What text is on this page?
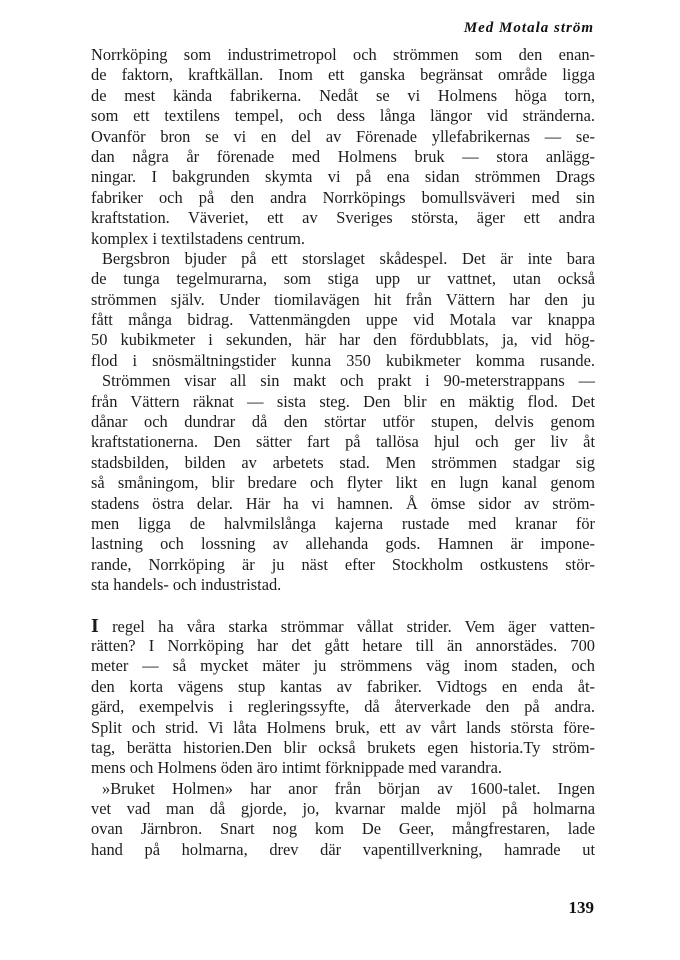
Med Motala ström
Norrköping som industrimetropol och strömmen som den enan-
de faktorn, kraftkällan. Inom ett ganska begränsat område ligga
de mest kända fabrikerna. Nedåt se vi Holmens höga torn,
som ett textilens tempel, och dess långa längor vid stränderna.
Ovanför bron se vi en del av Förenade yllefabrikernas — se-
dan några år förenade med Holmens bruk — stora anlägg-
ningar. I bakgrunden skymta vi på ena sidan strömmen Drags
fabriker och på den andra Norrköpings bomullsväveri med sin
kraftstation. Väveriet, ett av Sveriges största, äger ett andra
komplex i textilstadens centrum.
Bergsbron bjuder på ett storslaget skådespel. Det är inte bara
de tunga tegelmurarna, som stiga upp ur vattnet, utan också
strömmen själv. Under tiomilavägen hit från Vättern har den ju
fått många bidrag. Vattenmängden uppe vid Motala var knappa
50 kubikmeter i sekunden, här har den fördubblats, ja, vid hög-
flod i snösmältningstider kunna 350 kubikmeter komma rusande.
Strömmen visar all sin makt och prakt i 90-meterstrappans —
från Vättern räknat — sista steg. Den blir en mäktig flod. Det
dånar och dundrar då den störtar utför stupen, delvis genom
kraftstationerna. Den sätter fart på tallösa hjul och ger liv åt
stadsbilden, bilden av arbetets stad. Men strömmen stadgar sig
så småningom, blir bredare och flyter likt en lugn kanal genom
stadens östra delar. Här ha vi hamnen. Å ömse sidor av ström-
men ligga de halvmilslånga kajerna rustade med kranar för
lastning och lossning av allehanda gods. Hamnen är impone-
rande, Norrköping är ju näst efter Stockholm ostkustens stör-
sta handels- och industristad.
I regel ha våra starka strömmar vållat strider. Vem äger vatten-
rätten? I Norrköping har det gått hetare till än annorstädes. 700
meter — så mycket mäter ju strömmens väg inom staden, och
den korta vägens stup kantas av fabriker. Vidtogs en enda åt-
gärd, exempelvis i regleringssyfte, då återverkade den på andra.
Split och strid. Vi låta Holmens bruk, ett av vårt lands största före-
tag, berätta historien.Den blir också brukets egen historia.Ty ström-
mens och Holmens öden äro intimt förknippade med varandra.
»Bruket Holmen» har anor från början av 1600-talet. Ingen
vet vad man då gjorde, jo, kvarnar malde mjöl på holmarna
ovan Järnbron. Snart nog kom De Geer, mångfrestaren, lade
hand på holmarna, drev där vapentillverkning, hamrade ut
139
